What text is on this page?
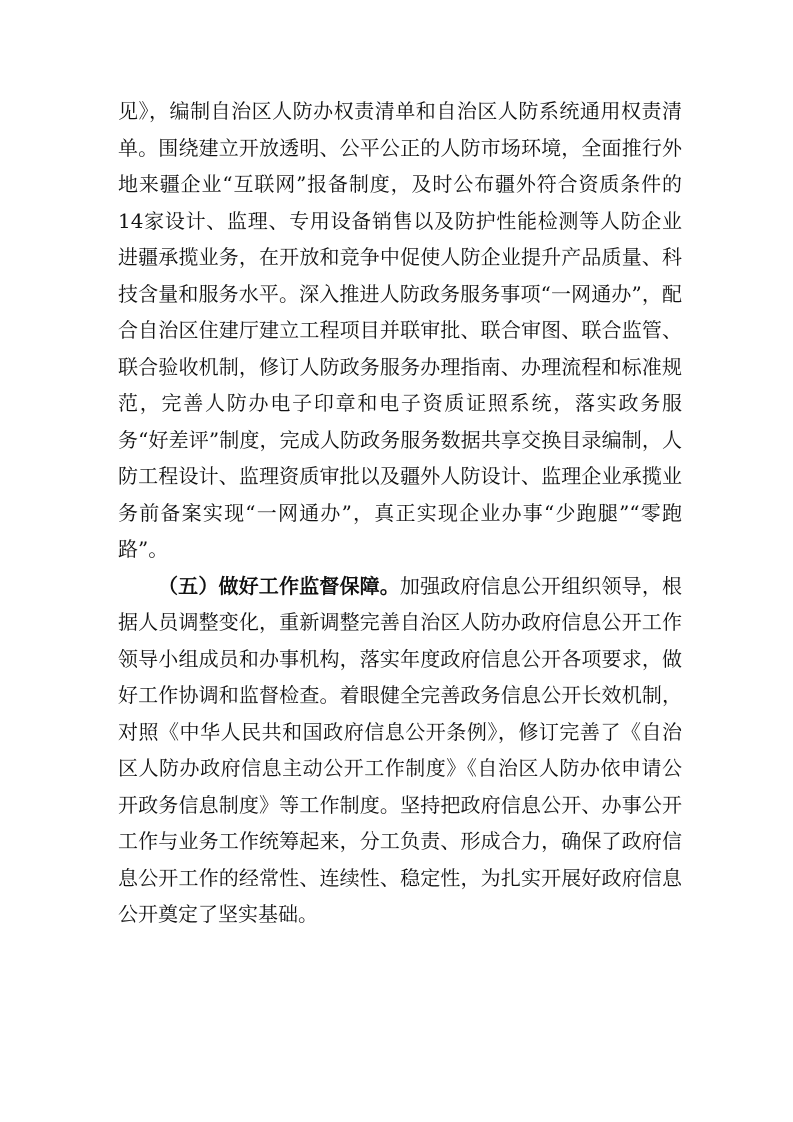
见》，编制自治区人防办权责清单和自治区人防系统通用权责清单。围绕建立开放透明、公平公正的人防市场环境，全面推行外地来疆企业“互联网”报备制度，及时公布疆外符合资质条件的14家设计、监理、专用设备销售以及防护性能检测等人防企业进疆承揽业务，在开放和竞争中促使人防企业提升产品质量、科技含量和服务水平。深入推进人防政务服务事项“一网通办”，配合自治区住建厅建立工程项目并联审批、联合审图、联合监管、联合验收机制，修订人防政务服务办理指南、办理流程和标准规范，完善人防办电子印章和电子资质证照系统，落实政务服务“好差评”制度，完成人防政务服务数据共享交换目录编制，人防工程设计、监理资质审批以及疆外人防设计、监理企业承揽业务前备案实现“一网通办”，真正实现企业办事“少跑腿”“零跑路”。

（五）做好工作监督保障。加强政府信息公开组织领导，根据人员调整变化，重新调整完善自治区人防办政府信息公开工作领导小组成员和办事机构，落实年度政府信息公开各项要求，做好工作协调和监督检查。着眼健全完善政务信息公开长效机制，对照《中华人民共和国政府信息公开条例》，修订完善了《自治区人防办政府信息主动公开工作制度》《自治区人防办依申请公开政务信息制度》等工作制度。坚持把政府信息公开、办事公开工作与业务工作统筹起来，分工负责、形成合力，确保了政府信息公开工作的经常性、连续性、稳定性，为扎实开展好政府信息公开奠定了坚实基础。
